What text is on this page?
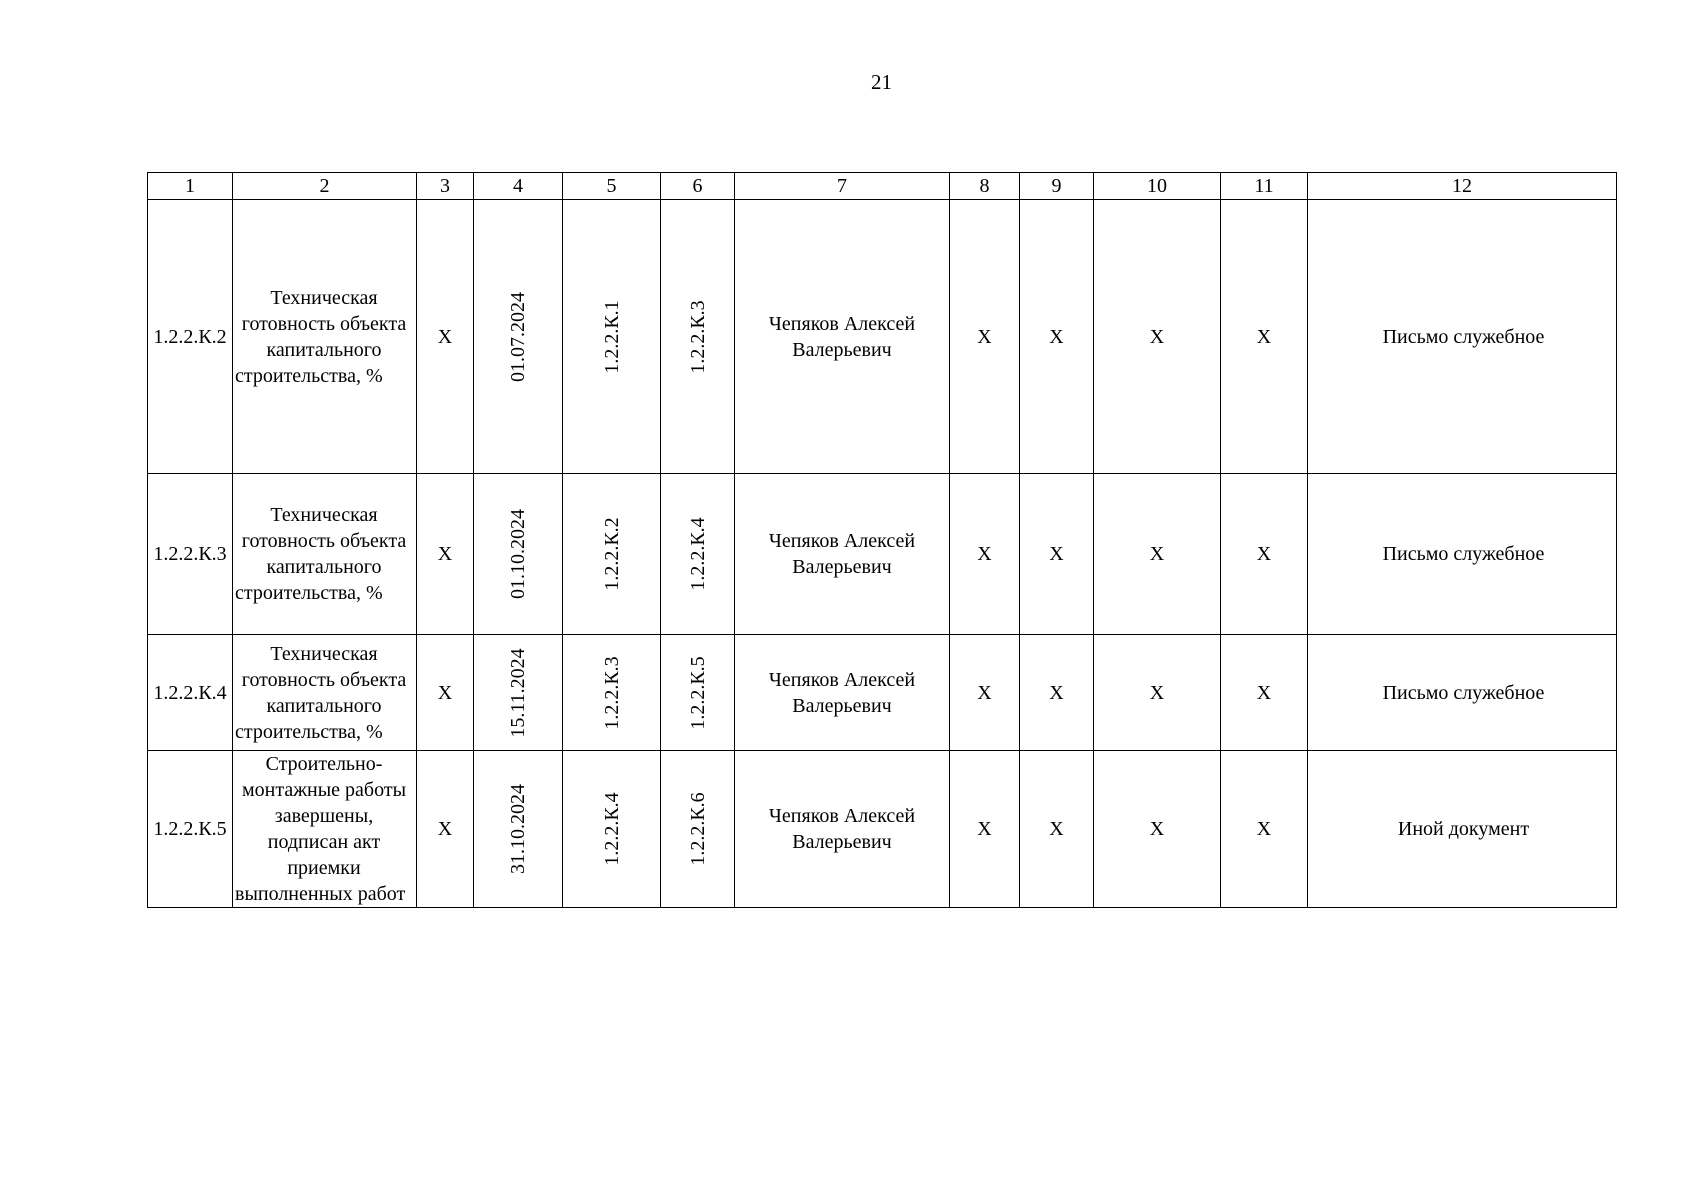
21
1	2	3	4	5	6	7	8	9	10	11	12
1.2.2.К.2	Техническая готовность объекта капитального строительства, %	Х	01.07.2024	1.2.2.К.1	1.2.2.К.3	Чепяков Алексей Валерьевич	Х	Х	Х	Х	Письмо служебное
1.2.2.К.3	Техническая готовность объекта капитального строительства, %	Х	01.10.2024	1.2.2.К.2	1.2.2.К.4	Чепяков Алексей Валерьевич	Х	Х	Х	Х	Письмо служебное
1.2.2.К.4	Техническая готовность объекта капитального строительства, %	Х	15.11.2024	1.2.2.К.3	1.2.2.К.5	Чепяков Алексей Валерьевич	Х	Х	Х	Х	Письмо служебное
1.2.2.К.5	Строительно-монтажные работы завершены, подписан акт приемки выполненных работ	Х	31.10.2024	1.2.2.К.4	1.2.2.К.6	Чепяков Алексей Валерьевич	Х	Х	Х	Х	Иной документ
